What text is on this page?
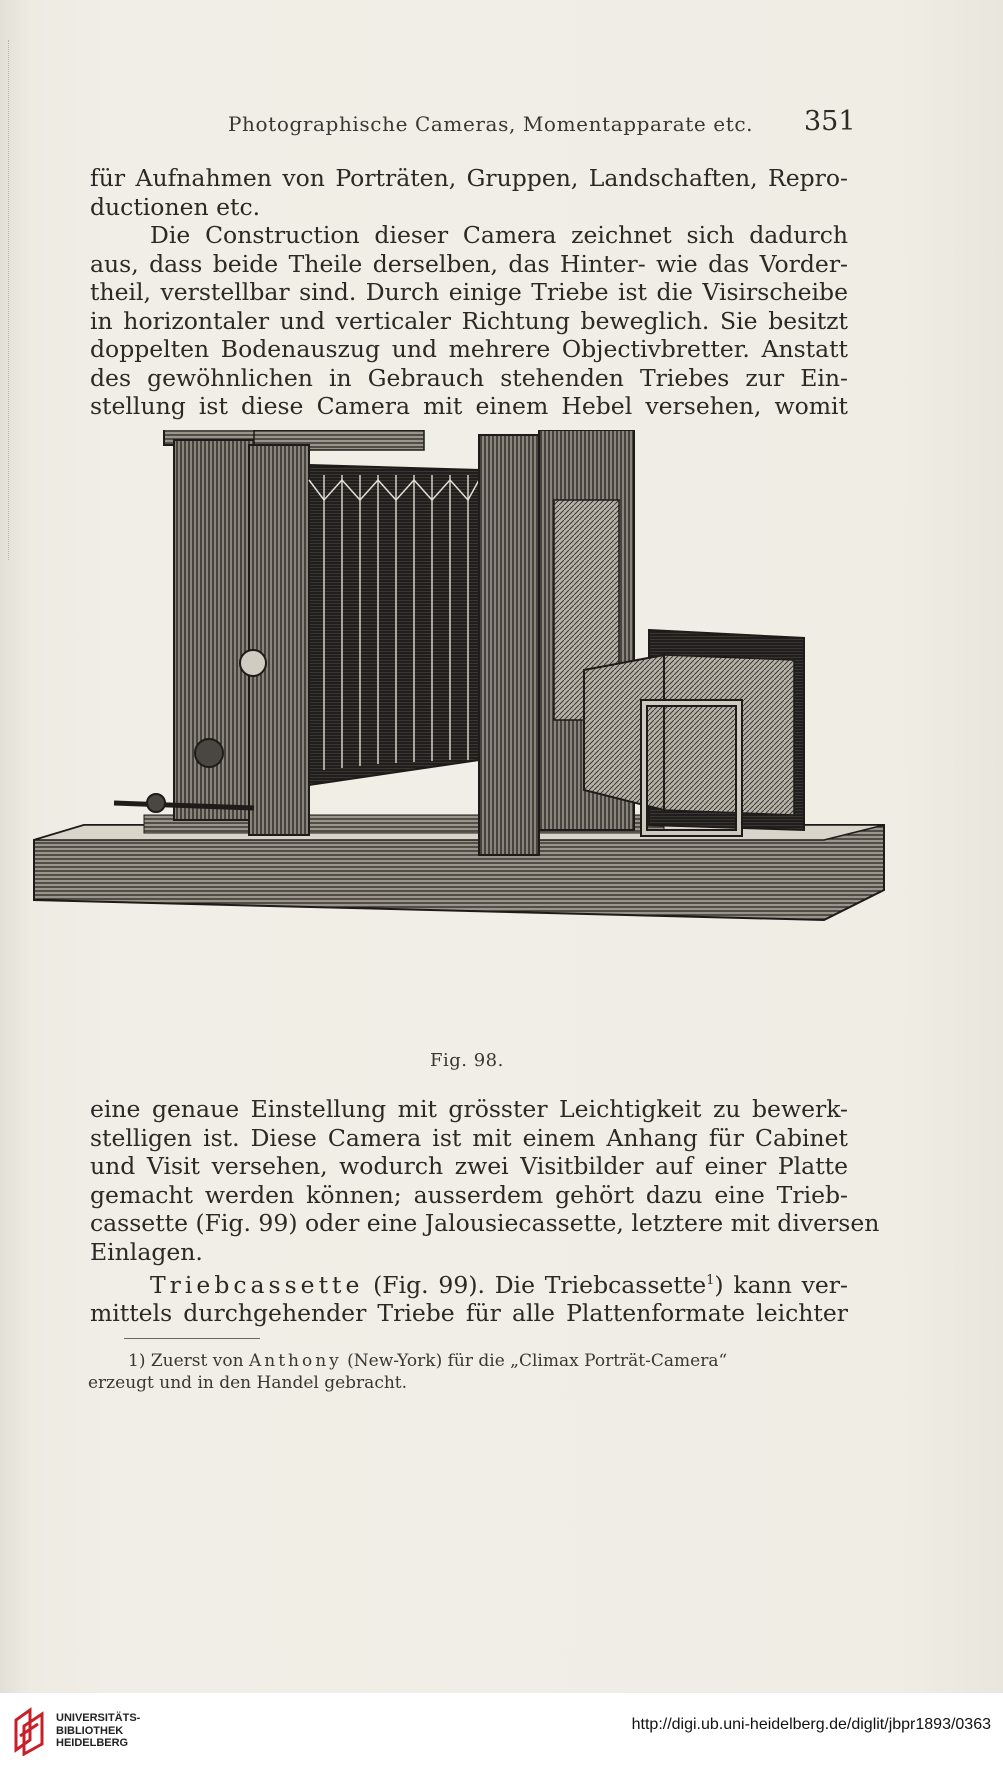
Photographische Cameras, Momentapparate etc. 351
für Aufnahmen von Porträten, Gruppen, Landschaften, Repro-
ductionen etc.
Die Construction dieser Camera zeichnet sich dadurch
aus, dass beide Theile derselben, das Hinter- wie das Vorder-
theil, verstellbar sind. Durch einige Triebe ist die Visirscheibe
in horizontaler und verticaler Richtung beweglich. Sie besitzt
doppelten Bodenauszug und mehrere Objectivbretter. Anstatt
des gewöhnlichen in Gebrauch stehenden Triebes zur Ein-
stellung ist diese Camera mit einem Hebel versehen, womit
Fig. 98.
eine genaue Einstellung mit grösster Leichtigkeit zu bewerk-
stelligen ist. Diese Camera ist mit einem Anhang für Cabinet
und Visit versehen, wodurch zwei Visitbilder auf einer Platte
gemacht werden können; ausserdem gehört dazu eine Trieb-
cassette (Fig. 99) oder eine Jalousiecassette, letztere mit diversen
Einlagen.
Triebcassette (Fig. 99). Die Triebcassette$^1$) kann ver-
mittels durchgehender Triebe für alle Plattenformate leichter
1) Zuerst von Anthony (New-York) für die „Climax Porträt-Camera“
erzeugt und in den Handel gebracht.
UNIVERSITÄTS-
BIBLIOTHEK
HEIDELBERG
http://digi.ub.uni-heidelberg.de/diglit/jbpr1893/0363
